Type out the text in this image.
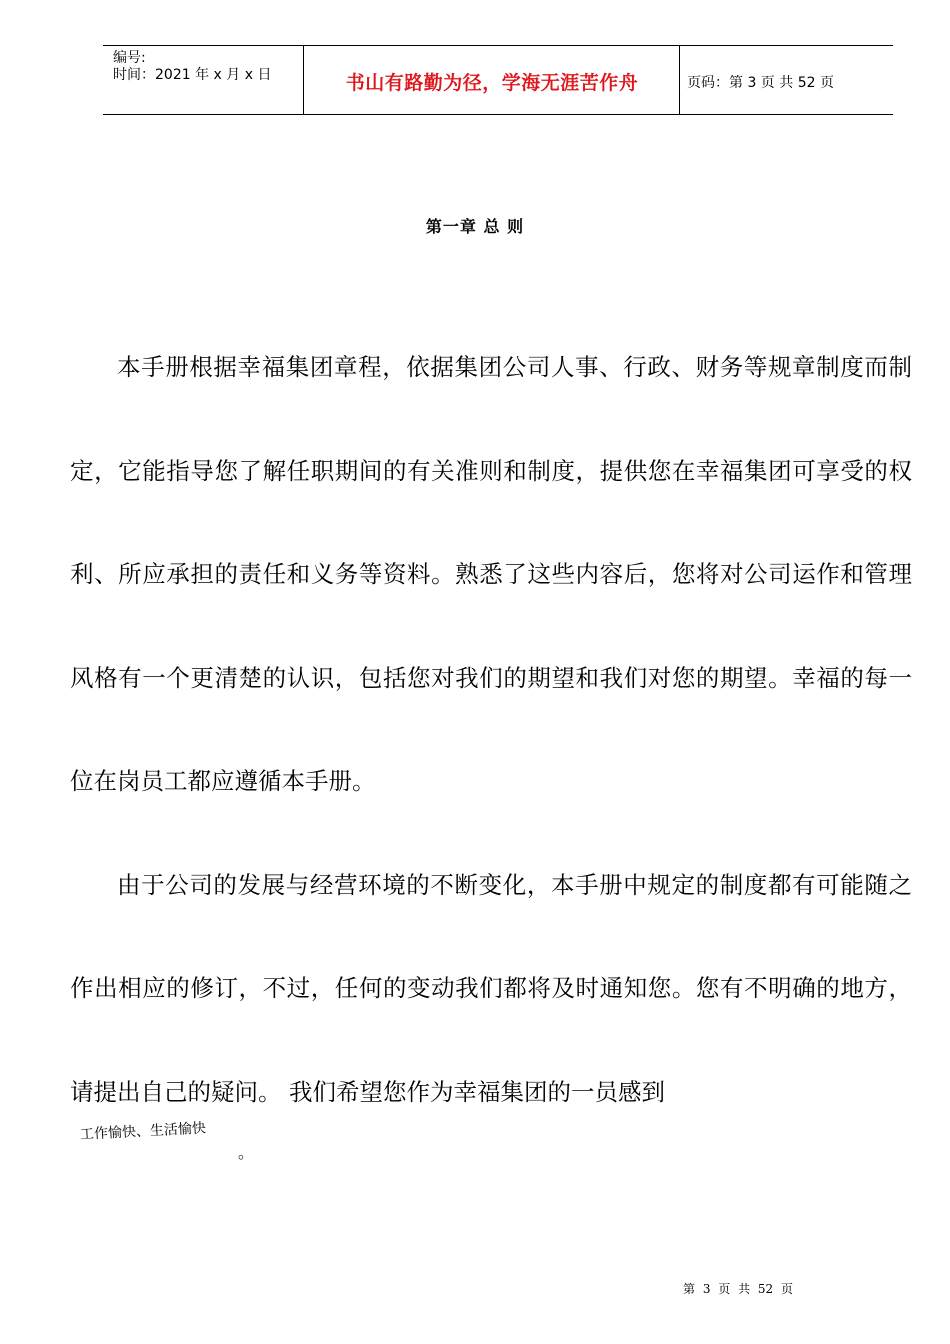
编号:
时间：2021 年 x 月 x 日	书山有路勤为径，学海无涯苦作舟	页码：第 3 页 共 52 页
第一章 总 则

本手册根据幸福集团章程，依据集团公司人事、行政、财务等规章制度而制定，它能指导您了解任职期间的有关准则和制度，提供您在幸福集团可享受的权利、所应承担的责任和义务等资料。熟悉了这些内容后，您将对公司运作和管理风格有一个更清楚的认识，包括您对我们的期望和我们对您的期望。幸福的每一位在岗员工都应遵循本手册。

由于公司的发展与经营环境的不断变化，本手册中规定的制度都有可能随之作出相应的修订，不过，任何的变动我们都将及时通知您。您有不明确的地方， 请提出自己的疑问。 我们希望您作为幸福集团的一员感到

工作愉快、生活愉快
。
第 3 页 共 52 页
